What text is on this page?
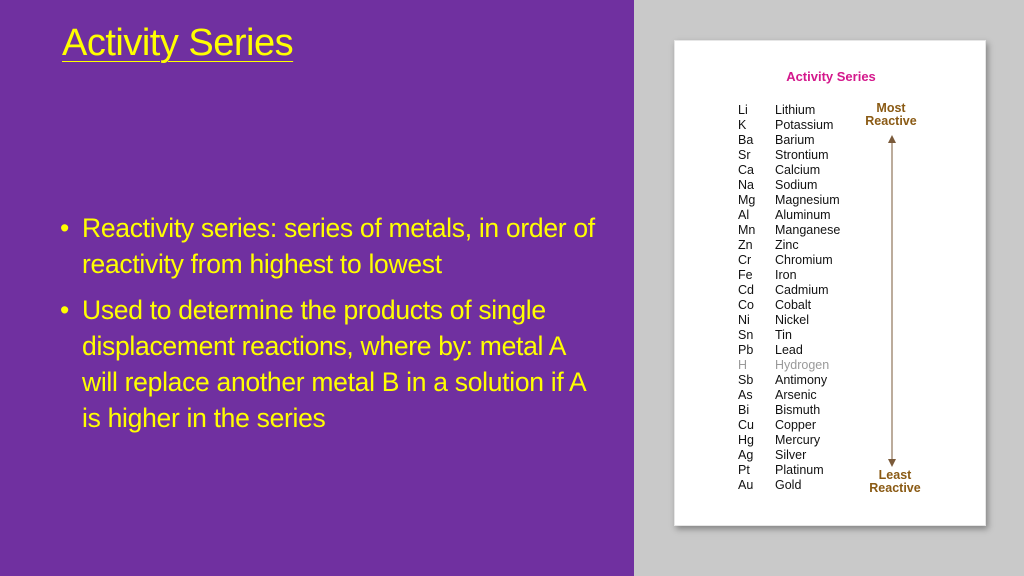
Activity Series
• Reactivity series: series of metals, in order of reactivity from highest to lowest
• Used to determine the products of single displacement reactions, where by: metal A will replace another metal B in a solution if A is higher in the series
Activity Series
Li Lithium
K Potassium
Ba Barium
Sr Strontium
Ca Calcium
Na Sodium
Mg Magnesium
Al Aluminum
Mn Manganese
Zn Zinc
Cr Chromium
Fe Iron
Cd Cadmium
Co Cobalt
Ni Nickel
Sn Tin
Pb Lead
H Hydrogen
Sb Antimony
As Arsenic
Bi Bismuth
Cu Copper
Hg Mercury
Ag Silver
Pt Platinum
Au Gold
Most
Reactive
Least
Reactive
